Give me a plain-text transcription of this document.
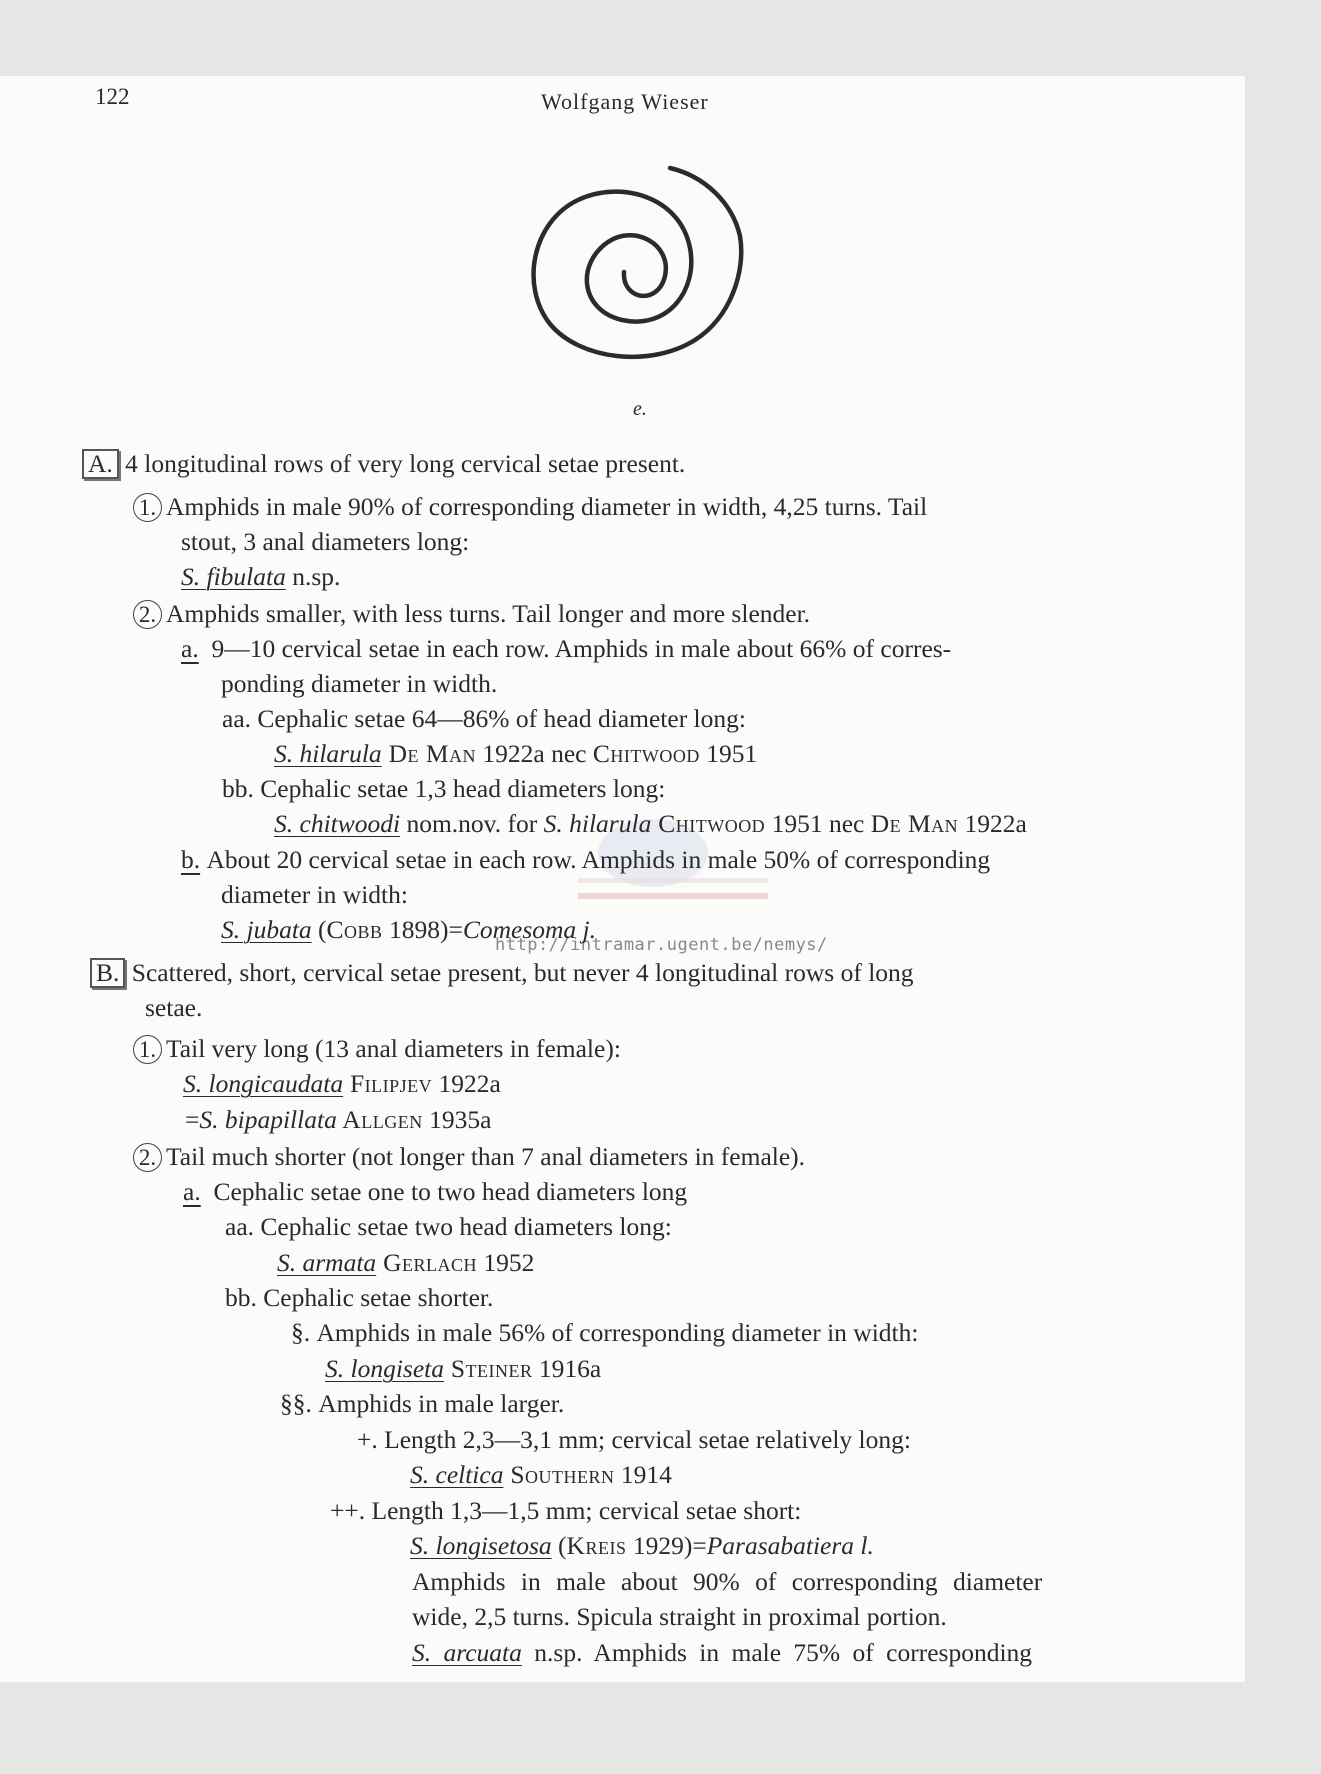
122	Wolfgang Wieser
e.
http://intramar.ugent.be/nemys/
A. 4 longitudinal rows of very long cervical setae present.
1. Amphids in male 90% of corresponding diameter in width, 4,25 turns. Tail
stout, 3 anal diameters long:
S. fibulata n.sp.
2. Amphids smaller, with less turns. Tail longer and more slender.
a. 9—10 cervical setae in each row. Amphids in male about 66% of corres-
ponding diameter in width.
aa. Cephalic setae 64—86% of head diameter long:
S. hilarula De Man 1922a nec Chitwood 1951
bb. Cephalic setae 1,3 head diameters long:
S. chitwoodi nom.nov. for S. hilarula Chitwood 1951 nec De Man 1922a
b. About 20 cervical setae in each row. Amphids in male 50% of corresponding
diameter in width:
S. jubata (Cobb 1898)=Comesoma j.
B. Scattered, short, cervical setae present, but never 4 longitudinal rows of long
setae.
1. Tail very long (13 anal diameters in female):
S. longicaudata Filipjev 1922a
=S. bipapillata Allgen 1935a
2. Tail much shorter (not longer than 7 anal diameters in female).
a. Cephalic setae one to two head diameters long
aa. Cephalic setae two head diameters long:
S. armata Gerlach 1952
bb. Cephalic setae shorter.
§. Amphids in male 56% of corresponding diameter in width:
S. longiseta Steiner 1916a
§§. Amphids in male larger.
+. Length 2,3—3,1 mm; cervical setae relatively long:
S. celtica Southern 1914
++. Length 1,3—1,5 mm; cervical setae short:
S. longisetosa (Kreis 1929)=Parasabatiera l.
Amphids in male about 90% of corresponding diameter
wide, 2,5 turns. Spicula straight in proximal portion.
S. arcuata n.sp. Amphids in male 75% of corresponding
